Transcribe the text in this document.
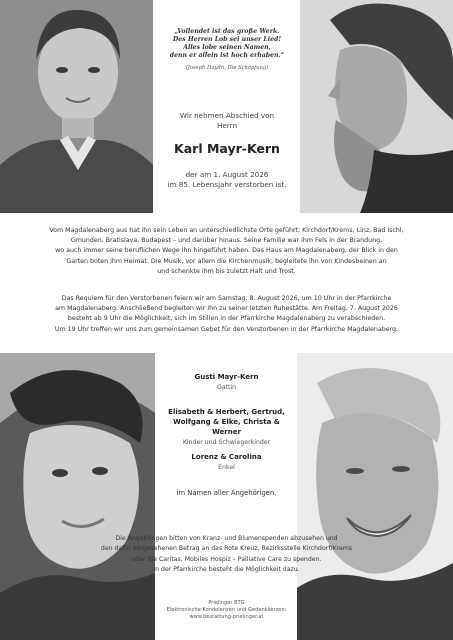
„Vollendet ist das große Werk.
Des Herren Lob sei unser Lied!
Alles lobe seinen Namen,
denn er allein ist hoch erhaben.“
(Joseph Haydn, Die Schöpfung)
Wir nehmen Abschied von
Herrn
Karl Mayr-Kern
der am 1. August 2026
im 85. Lebensjahr verstorben ist.
Vom Magdalenaberg aus hat ihn sein Leben an unterschiedlichste Orte geführt: Kirchdorf/Krems, Linz, Bad Ischl,
Gmunden, Bratislava, Budapest – und darüber hinaus. Seine Familie war ihm Fels in der Brandung,
wo auch immer seine beruflichen Wege ihn hingeführt haben. Das Haus am Magdalenaberg, der Blick in den
Garten boten ihm Heimat. Die Musik, vor allem die Kirchenmusik, begleitete ihn von Kindesbeinen an
und schenkte ihm bis zuletzt Halt und Trost.
Das Requiem für den Verstorbenen feiern wir am Samstag, 8. August 2026, um 10 Uhr in der Pfarrkirche
am Magdalenaberg. Anschließend begleiten wir ihn zu seiner letzten Ruhestätte. Am Freitag, 7. August 2026
besteht ab 9 Uhr die Möglichkeit, sich im Stillen in der Pfarrkirche Magdalenaberg zu verabschieden.
Um 19 Uhr treffen wir uns zum gemeinsamen Gebet für den Verstorbenen in der Pfarrkirche Magdalenaberg.
Gusti Mayr-Kern
Gattin
Elisabeth & Herbert, Gertrud,
Wolfgang & Elke, Christa & Werner
Kinder und Schwiegerkinder
Lorenz & Carolina
Enkel
im Namen aller Angehörigen.
Die Angehörigen bitten von Kranz- und Blumenspenden abzusehen und
den dafür vorgesehenen Betrag an das Rote Kreuz, Bezirksstelle Kirchdorf/Krems
oder die Caritas, Mobiles Hospiz – Palliative Care zu spenden.
In der Pfarrkirche besteht die Möglichkeit dazu.
Prielinger BTG
Elektronische Kondolenzen und Gedenkkerzen:
www.bestattung-prielinger.at
